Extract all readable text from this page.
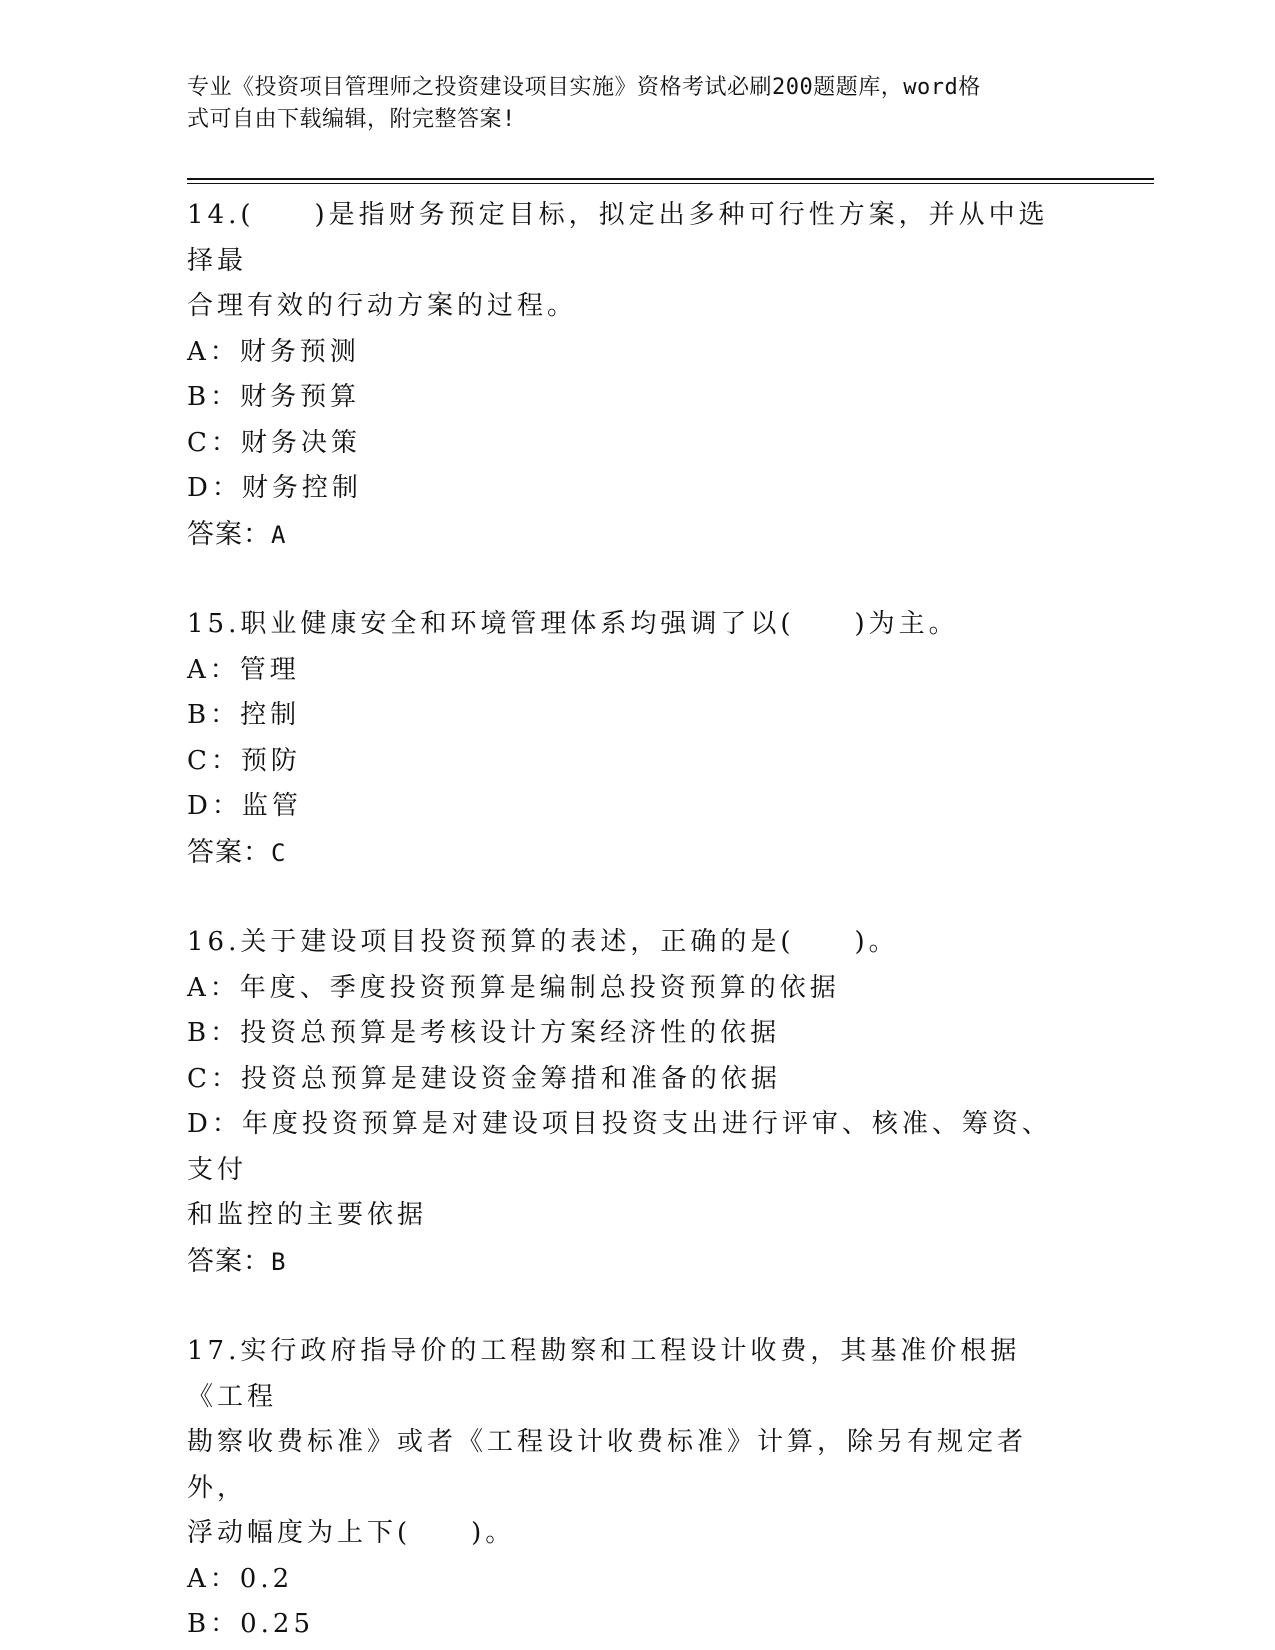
专业《投资项目管理师之投资建设项目实施》资格考试必刷200题题库，word格
式可自由下载编辑，附完整答案!

14.(　　)是指财务预定目标，拟定出多种可行性方案，并从中选择最

合理有效的行动方案的过程。

A：财务预测

B：财务预算

C：财务决策

D：财务控制

答案：A

15.职业健康安全和环境管理体系均强调了以(　　)为主。

A：管理

B：控制

C：预防

D：监管

答案：C

16.关于建设项目投资预算的表述，正确的是(　　)。

A：年度、季度投资预算是编制总投资预算的依据

B：投资总预算是考核设计方案经济性的依据

C：投资总预算是建设资金筹措和准备的依据

D：年度投资预算是对建设项目投资支出进行评审、核准、筹资、支付

和监控的主要依据

答案：B

17.实行政府指导价的工程勘察和工程设计收费，其基准价根据《工程

勘察收费标准》或者《工程设计收费标准》计算，除另有规定者外，

浮动幅度为上下(　　)。

A：0.2

B：0.25
